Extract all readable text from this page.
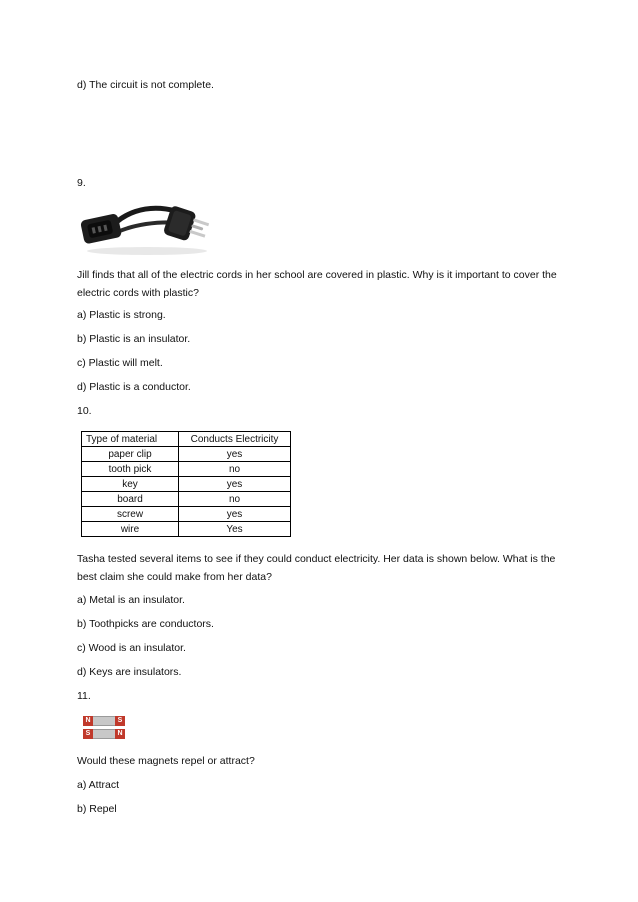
d) The circuit is not complete.
9.
Jill finds that all of the electric cords in her school are covered in plastic. Why is it important to cover the electric cords with plastic?
a) Plastic is strong.
b) Plastic is an insulator.
c) Plastic will melt.
d) Plastic is a conductor.
10.
Type of material	Conducts Electricity
paper clip	yes
tooth pick	no
key	yes
board	no
screw	yes
wire	Yes
Tasha tested several items to see if they could conduct electricity. Her data is shown below. What is the best claim she could make from her data?
a) Metal is an insulator.
b) Toothpicks are conductors.
c) Wood is an insulator.
d) Keys are insulators.
11.
N	S
S	N
Would these magnets repel or attract?
a) Attract
b) Repel
